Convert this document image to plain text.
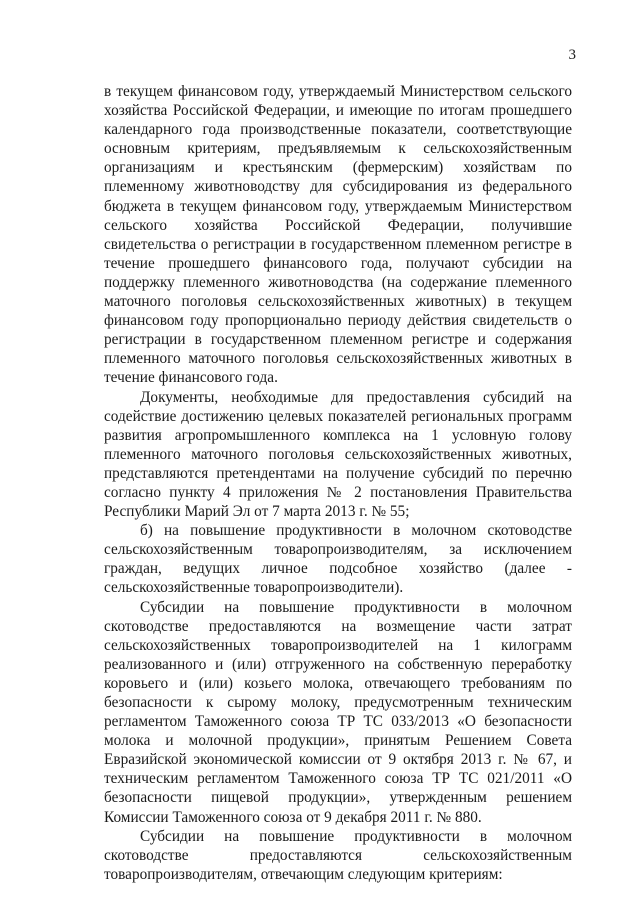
3

в текущем финансовом году, утверждаемый Министерством сельского хозяйства Российской Федерации, и имеющие по итогам прошедшего календарного года производственные показатели, соответствующие основным критериям, предъявляемым к сельскохозяйственным организациям и крестьянским (фермерским) хозяйствам по племенному животноводству для субсидирования из федерального бюджета в текущем финансовом году, утверждаемым Министерством сельского хозяйства Российской Федерации, получившие свидетельства о регистрации в государственном племенном регистре в течение прошедшего финансового года, получают субсидии на поддержку племенного животноводства (на содержание племенного маточного поголовья сельскохозяйственных животных) в текущем финансовом году пропорционально периоду действия свидетельств о регистрации в государственном племенном регистре и содержания племенного маточного поголовья сельскохозяйственных животных в течение финансового года.

Документы, необходимые для предоставления субсидий на содействие достижению целевых показателей региональных программ развития агропромышленного комплекса на 1 условную голову племенного маточного поголовья сельскохозяйственных животных, представляются претендентами на получение субсидий по перечню согласно пункту 4 приложения № 2 постановления Правительства Республики Марий Эл от 7 марта 2013 г. № 55;

б) на повышение продуктивности в молочном скотоводстве сельскохозяйственным товаропроизводителям, за исключением граждан, ведущих личное подсобное хозяйство (далее - сельскохозяйственные товаропроизводители).

Субсидии на повышение продуктивности в молочном скотоводстве предоставляются на возмещение части затрат сельскохозяйственных товаропроизводителей на 1 килограмм реализованного и (или) отгруженного на собственную переработку коровьего и (или) козьего молока, отвечающего требованиям по безопасности к сырому молоку, предусмотренным техническим регламентом Таможенного союза ТР ТС 033/2013 «О безопасности молока и молочной продукции», принятым Решением Совета Евразийской экономической комиссии от 9 октября 2013 г. № 67, и техническим регламентом Таможенного союза ТР ТС 021/2011 «О безопасности пищевой продукции», утвержденным решением Комиссии Таможенного союза от 9 декабря 2011 г. № 880.

Субсидии на повышение продуктивности в молочном скотоводстве предоставляются сельскохозяйственным товаропроизводителям, отвечающим следующим критериям:
